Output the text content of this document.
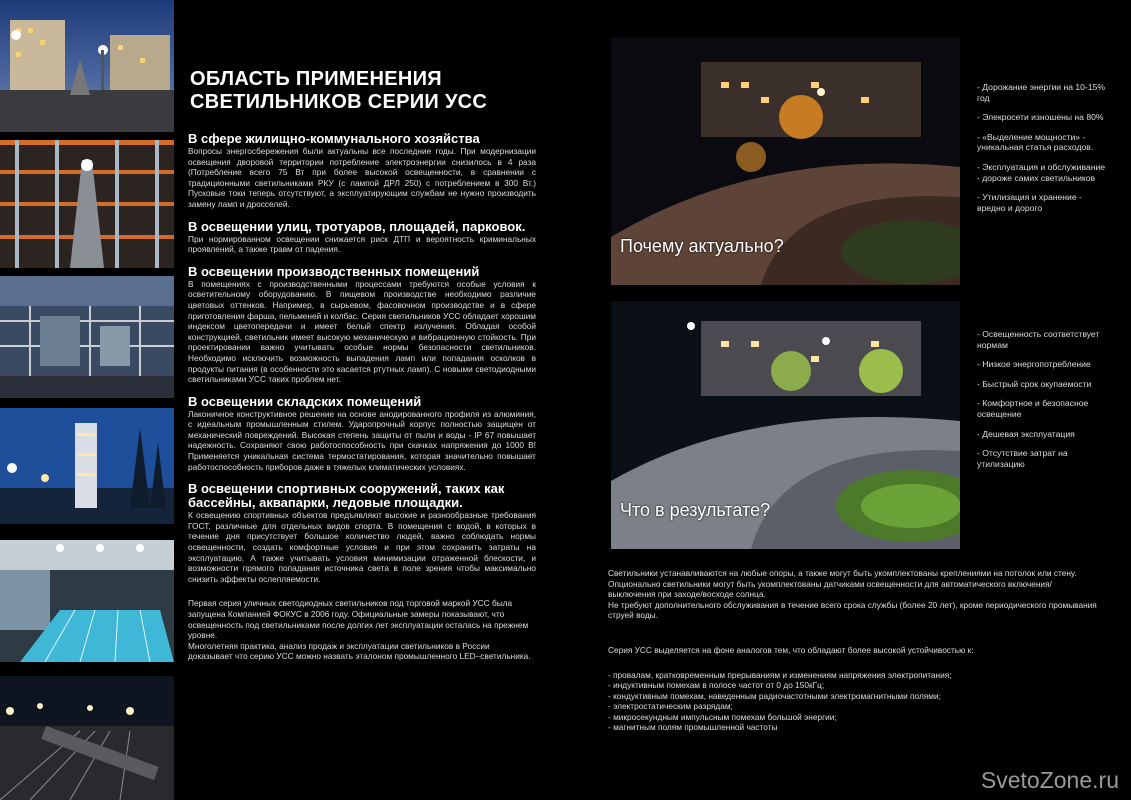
ОБЛАСТЬ ПРИМЕНЕНИЯ
СВЕТИЛЬНИКОВ СЕРИИ УСС
В сфере жилищно-коммунального хозяйства

Вопросы энергосбережения были актуальны все последние годы. При модернизации освещения дворовой территории потребление электроэнергии снизилось в 4 раза (Потребление всего 75 Вт при более высокой освещенности, в сравнении с традиционными светильниками РКУ (с лампой ДРЛ 250) с потреблением в 300 Вт.) Пусковые токи теперь отсутствуют, а эксплуатирующим службам не нужно производить замену ламп и дросселей.

В освещении улиц, тротуаров, площадей, парковок.

При нормированном освещении снижается риск ДТП и вероятность криминальных проявлений, а также травм от падения.

В освещении производственных помещений

В помещениях с производственными процессами требуются особые условия к осветительному оборудованию. В пищевом производстве необходимо различие цветовых оттенков. Например, в сырьевом, фасовочном производстве и в сфере приготовления фарша, пельменей и колбас. Серия светильников УСС обладает хорошим индексом цветопередачи и имеет белый спектр излучения. Обладая особой конструкцией, светильник имеет высокую механическую и вибрационную стойкость. При проектировании важно учитывать особые нормы безопасности светильников. Необходимо исключить возможность выпадения ламп или попадания осколков в продукты питания (в особенности это касается ртутных ламп). С новыми светодиодными светильниками УСС таких проблем нет.

В освещении складских помещений

Лаконичное конструктивное решение на основе анодированного профиля из алюминия, с идеальным промышленным стилем. Ударопрочный корпус полностью защищен от механический повреждений. Высокая степень защиты от пыли и воды - IP 67 повышает надежность. Сохраняют свою работоспособность при скачках напряжения до 1000 В! Применяется уникальная система термостатирования, которая значительно повышает работоспособность приборов даже в тяжелых климатических условиях.

В освещении спортивных сооружений, таких как бассейны, аквапарки, ледовые площадки.

К освещению спортивных объектов предъявляют высокие и разнообразные требования ГОСТ, различные для отдельных видов спорта. В помещения с водой, в которых в течение дня присутствует большое количество людей, важно соблюдать нормы освещенности, создать комфортные условия и при этом сохранить затраты на эксплуатацию. А также учитывать условия минимизации отраженной блескости, и возможности прямого попадания источника света в поле зрения чтобы максимально снизить эффекты ослепляемости.

Первая серия уличных светодиодных светильников под торговой маркой УСС была запущена Компанией ФОКУС в 2006 году. Официальные замеры показывают, что освещенность под светильниками после долгих лет эксплуатации осталась на прежнем уровне.

Многолетняя практика, анализ продаж и эксплуатации светильников в России доказывает что серию УСС можно назвать эталоном промышленного LED–светильника.

Почему актуально?
Что в результате?
- Дорожание энергии на 10-15% год
- Элекросети изношены на 80%
- «Выделение мощности» - уникальная статья расходов.
- Эксплуатация и обслуживание - дороже самих светильников
- Утилизация и хранение - вредно и дорого
- Освещенность соответствует нормам
- Низкое энергопотребление
- Быстрый срок окупаемости
- Комфортное и безопасное освещение
- Дешевая эксплуатация
- Отсутствие затрат на утилизацию

Светильники устанавливаются на любые опоры, а также могут быть укомплектованы креплениями на потолок или стену. Опционально светильники могут быть укомплектованы датчиками освещенности для автоматического включения/выключения при заходе/восходе солнца.

Не требуют дополнительного обслуживания в течение всего срока службы (более 20 лет), кроме периодического промывания струей воды.

Серия УСС выделяется на фоне аналогов тем, что обладают более высокой устойчивостью к:

- провалам, кратковременным прерываниям и изменениям напряжения электропитания;

- индуктивным помехам в полосе частот от 0 до 150кГц;

- кондуктивным помехам, наведенным радиочастотными электромагнитными полями;

- электростатическим разрядам;

- микросекундным импульсным помехам большой энергии;

- магнитным полям промышленной частоты

SvetoZone.ru
